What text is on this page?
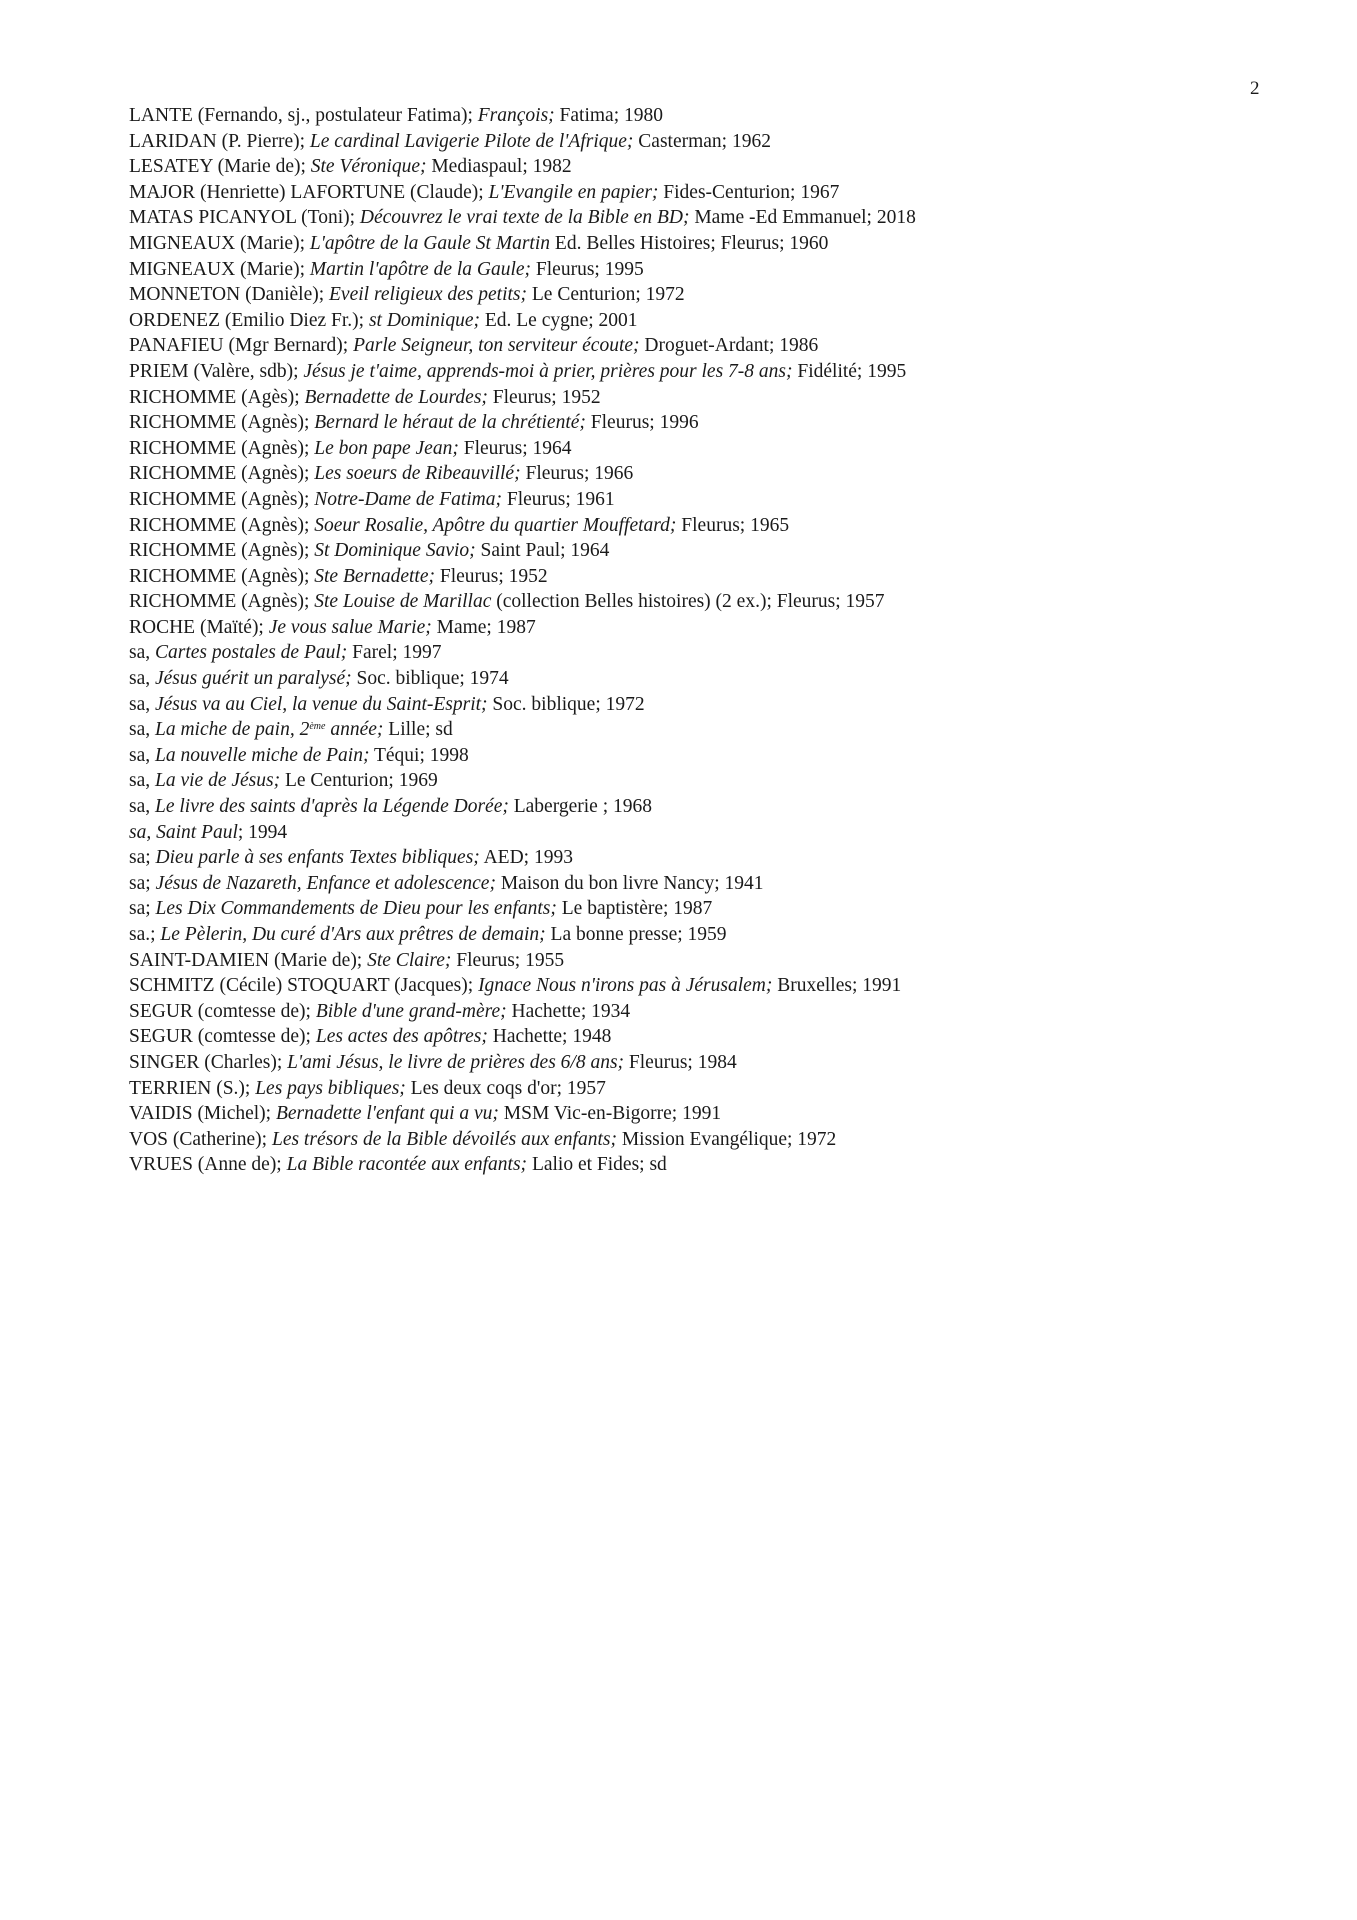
2
LANTE (Fernando, sj., postulateur Fatima); François; Fatima; 1980
LARIDAN (P. Pierre); Le cardinal Lavigerie Pilote de l'Afrique; Casterman; 1962
LESATEY (Marie de); Ste Véronique; Mediaspaul; 1982
MAJOR (Henriette) LAFORTUNE (Claude); L'Evangile en papier; Fides-Centurion; 1967
MATAS PICANYOL (Toni); Découvrez le vrai texte de la Bible en BD; Mame -Ed Emmanuel; 2018
MIGNEAUX (Marie); L'apôtre de la Gaule St Martin Ed. Belles Histoires; Fleurus; 1960
MIGNEAUX (Marie); Martin l'apôtre de la Gaule; Fleurus; 1995
MONNETON (Danièle); Eveil religieux des petits; Le Centurion; 1972
ORDENEZ (Emilio Diez Fr.); st Dominique; Ed. Le cygne; 2001
PANAFIEU (Mgr Bernard); Parle Seigneur, ton serviteur écoute; Droguet-Ardant; 1986
PRIEM (Valère, sdb); Jésus je t'aime, apprends-moi à prier, prières pour les 7-8 ans; Fidélité; 1995
RICHOMME (Agès); Bernadette de Lourdes; Fleurus; 1952
RICHOMME (Agnès); Bernard le héraut de la chrétienté; Fleurus; 1996
RICHOMME (Agnès); Le bon pape Jean; Fleurus; 1964
RICHOMME (Agnès); Les soeurs de Ribeauvillé; Fleurus; 1966
RICHOMME (Agnès); Notre-Dame de Fatima; Fleurus; 1961
RICHOMME (Agnès); Soeur Rosalie, Apôtre du quartier Mouffetard; Fleurus; 1965
RICHOMME (Agnès); St Dominique Savio; Saint Paul; 1964
RICHOMME (Agnès); Ste Bernadette; Fleurus; 1952
RICHOMME (Agnès); Ste Louise de Marillac (collection Belles histoires) (2 ex.); Fleurus; 1957
ROCHE (Maïté); Je vous salue Marie; Mame; 1987
sa, Cartes postales de Paul; Farel; 1997
sa, Jésus guérit un paralysé; Soc. biblique; 1974
sa, Jésus va au Ciel, la venue du Saint-Esprit; Soc. biblique; 1972
sa, La miche de pain, 2ème année; Lille; sd
sa, La nouvelle miche de Pain; Téqui; 1998
sa, La vie de Jésus; Le Centurion; 1969
sa, Le livre des saints d'après la Légende Dorée; Labergerie ; 1968
sa, Saint Paul; 1994
sa; Dieu parle à ses enfants Textes bibliques; AED; 1993
sa; Jésus de Nazareth, Enfance et adolescence; Maison du bon livre Nancy; 1941
sa; Les Dix Commandements de Dieu pour les enfants; Le baptistère; 1987
sa.; Le Pèlerin, Du curé d'Ars aux prêtres de demain; La bonne presse; 1959
SAINT-DAMIEN (Marie de); Ste Claire; Fleurus; 1955
SCHMITZ (Cécile) STOQUART (Jacques); Ignace Nous n'irons pas à Jérusalem; Bruxelles; 1991
SEGUR (comtesse de); Bible d'une grand-mère; Hachette; 1934
SEGUR (comtesse de); Les actes des apôtres; Hachette; 1948
SINGER (Charles); L'ami Jésus, le livre de prières des 6/8 ans; Fleurus; 1984
TERRIEN (S.); Les pays bibliques; Les deux coqs d'or; 1957
VAIDIS (Michel); Bernadette l'enfant qui a vu; MSM Vic-en-Bigorre; 1991
VOS (Catherine); Les trésors de la Bible dévoilés aux enfants; Mission Evangélique; 1972
VRUES (Anne de); La Bible racontée aux enfants; Lalio et Fides; sd
